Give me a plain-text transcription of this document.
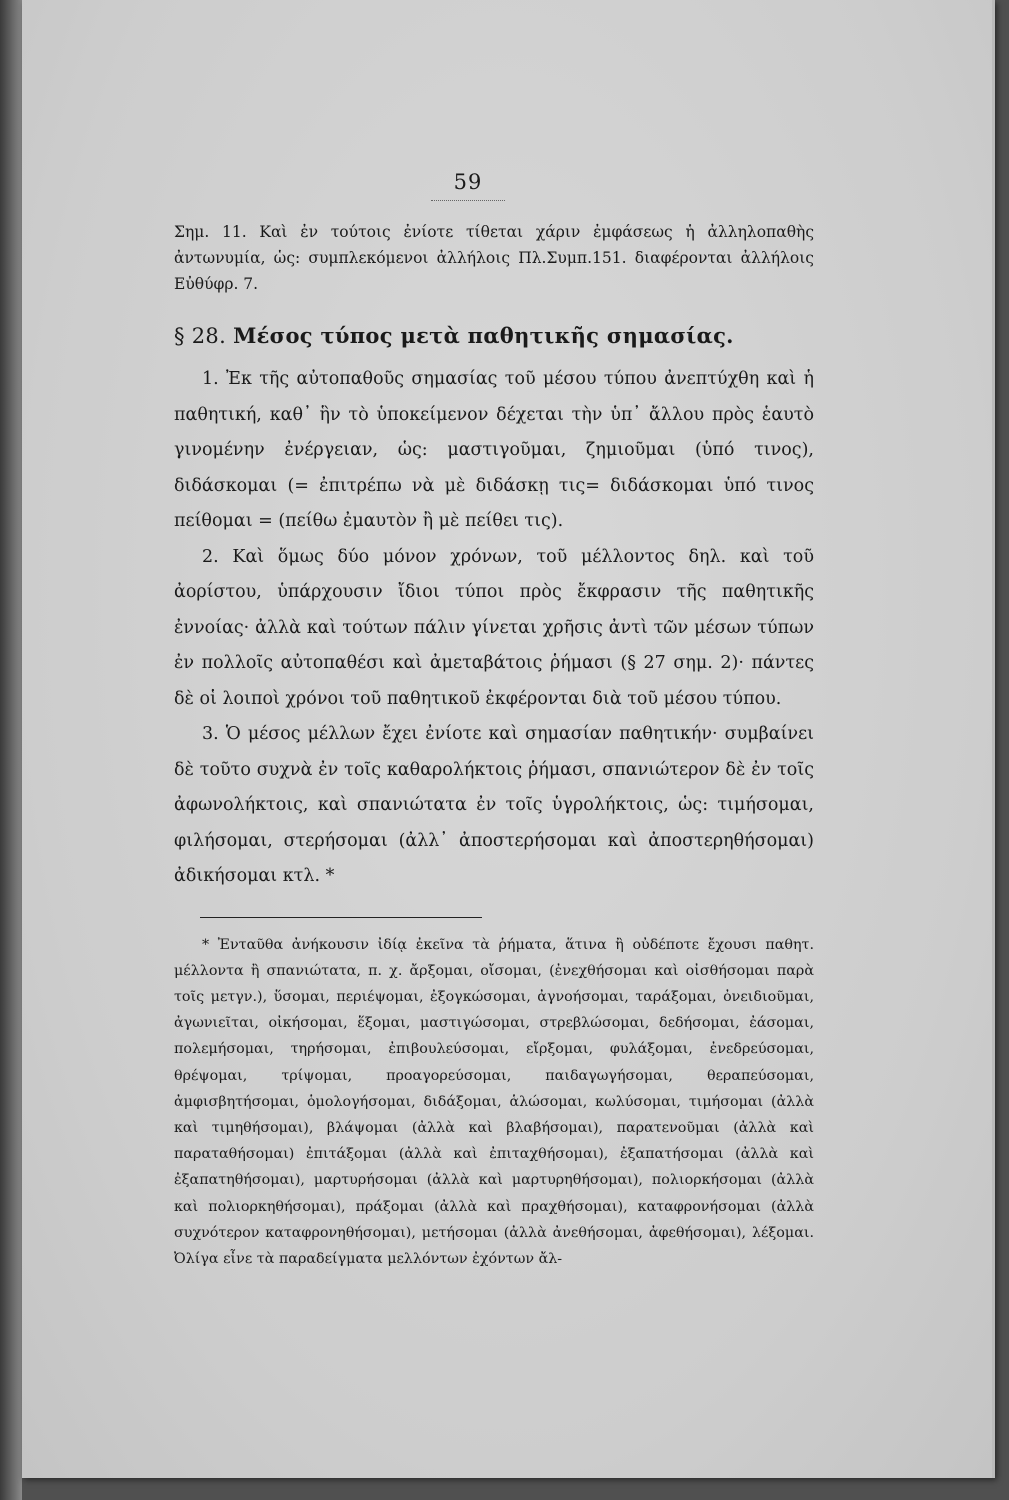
59

Σημ. 11. Καὶ ἐν τούτοις ἐνίοτε τίθεται χάριν ἐμφάσεως ἡ ἀλληλοπαθὴς ἀντωνυμία, ὡς: συμπλεκόμενοι ἀλλήλοις Πλ.Συμπ.151. διαφέρονται ἀλλήλοις Εὐθύφρ. 7.

§ 28. Μέσος τύπος μετὰ παθητικῆς σημασίας.

1. Ἐκ τῆς αὐτοπαθοῦς σημασίας τοῦ μέσου τύπου ἀνεπτύχθη καὶ ἡ παθητική, καθ᾽ ἣν τὸ ὑποκείμενον δέχεται τὴν ὑπ᾽ ἄλλου πρὸς ἑαυτὸ γινομένην ἐνέργειαν, ὡς: μαστιγοῦμαι, ζημιοῦμαι (ὑπό τινος), διδάσκομαι (= ἐπιτρέπω νὰ μὲ διδάσκῃ τις= διδάσκομαι ὑπό τινος πείθομαι = (πείθω ἐμαυτὸν ἢ μὲ πείθει τις).

2. Καὶ ὅμως δύο μόνον χρόνων, τοῦ μέλλοντος δηλ. καὶ τοῦ ἀορίστου, ὑπάρχουσιν ἴδιοι τύποι πρὸς ἔκφρασιν τῆς παθητικῆς ἐννοίας· ἀλλὰ καὶ τούτων πάλιν γίνεται χρῆσις ἀντὶ τῶν μέσων τύπων ἐν πολλοῖς αὐτοπαθέσι καὶ ἀμεταβάτοις ῥήμασι (§ 27 σημ. 2)· πάντες δὲ οἱ λοιποὶ χρόνοι τοῦ παθητικοῦ ἐκφέρονται διὰ τοῦ μέσου τύπου.

3. Ὁ μέσος μέλλων ἔχει ἐνίοτε καὶ σημασίαν παθητικήν· συμβαίνει δὲ τοῦτο συχνὰ ἐν τοῖς καθαρολήκτοις ῥήμασι, σπανιώτερον δὲ ἐν τοῖς ἀφωνολήκτοις, καὶ σπανιώτατα ἐν τοῖς ὑγρολήκτοις, ὡς: τιμήσομαι, φιλήσομαι, στερήσομαι (ἀλλ᾽ ἀποστερήσομαι καὶ ἀποστερηθήσομαι) ἀδικήσομαι κτλ. *

* Ἐνταῦθα ἀνήκουσιν ἰδίᾳ ἐκεῖνα τὰ ῥήματα, ἅτινα ἢ οὐδέποτε ἔχουσι παθητ. μέλλοντα ἢ σπανιώτατα, π. χ. ἄρξομαι, οἴσομαι, (ἐνεχθήσομαι καὶ οἰσθήσομαι παρὰ τοῖς μετγν.), ὕσομαι, περιέψομαι, ἐξογκώσομαι, ἀγνοήσομαι, ταράξομαι, ὀνειδιοῦμαι, ἀγωνιεῖται, οἰκήσομαι, ἕξομαι, μαστιγώσομαι, στρεβλώσομαι, δεδήσομαι, ἐάσομαι, πολεμήσομαι, τηρήσομαι, ἐπιβουλεύσομαι, εἴρξομαι, φυλάξομαι, ἐνεδρεύσομαι, θρέψομαι, τρίψομαι, προαγορεύσομαι, παιδαγωγήσομαι, θεραπεύσομαι, ἀμφισβητήσομαι, ὁμολογήσομαι, διδάξομαι, ἁλώσομαι, κωλύσομαι, τιμήσομαι (ἀλλὰ καὶ τιμηθήσομαι), βλάψομαι (ἀλλὰ καὶ βλαβήσομαι), παρατενοῦμαι (ἀλλὰ καὶ παραταθήσομαι) ἐπιτάξομαι (ἀλλὰ καὶ ἐπιταχθήσομαι), ἐξαπατήσομαι (ἀλλὰ καὶ ἐξαπατηθήσομαι), μαρτυρήσομαι (ἀλλὰ καὶ μαρτυρηθήσομαι), πολιορκήσομαι (ἀλλὰ καὶ πολιορκηθήσομαι), πράξομαι (ἀλλὰ καὶ πραχθήσομαι), καταφρονήσομαι (ἀλλὰ συχνότερον καταφρονηθήσομαι), μετήσομαι (ἀλλὰ ἀνεθήσομαι, ἀφεθήσομαι), λέξομαι. Ὀλίγα εἶνε τὰ παραδείγματα μελλόντων ἐχόντων ἄλ-
